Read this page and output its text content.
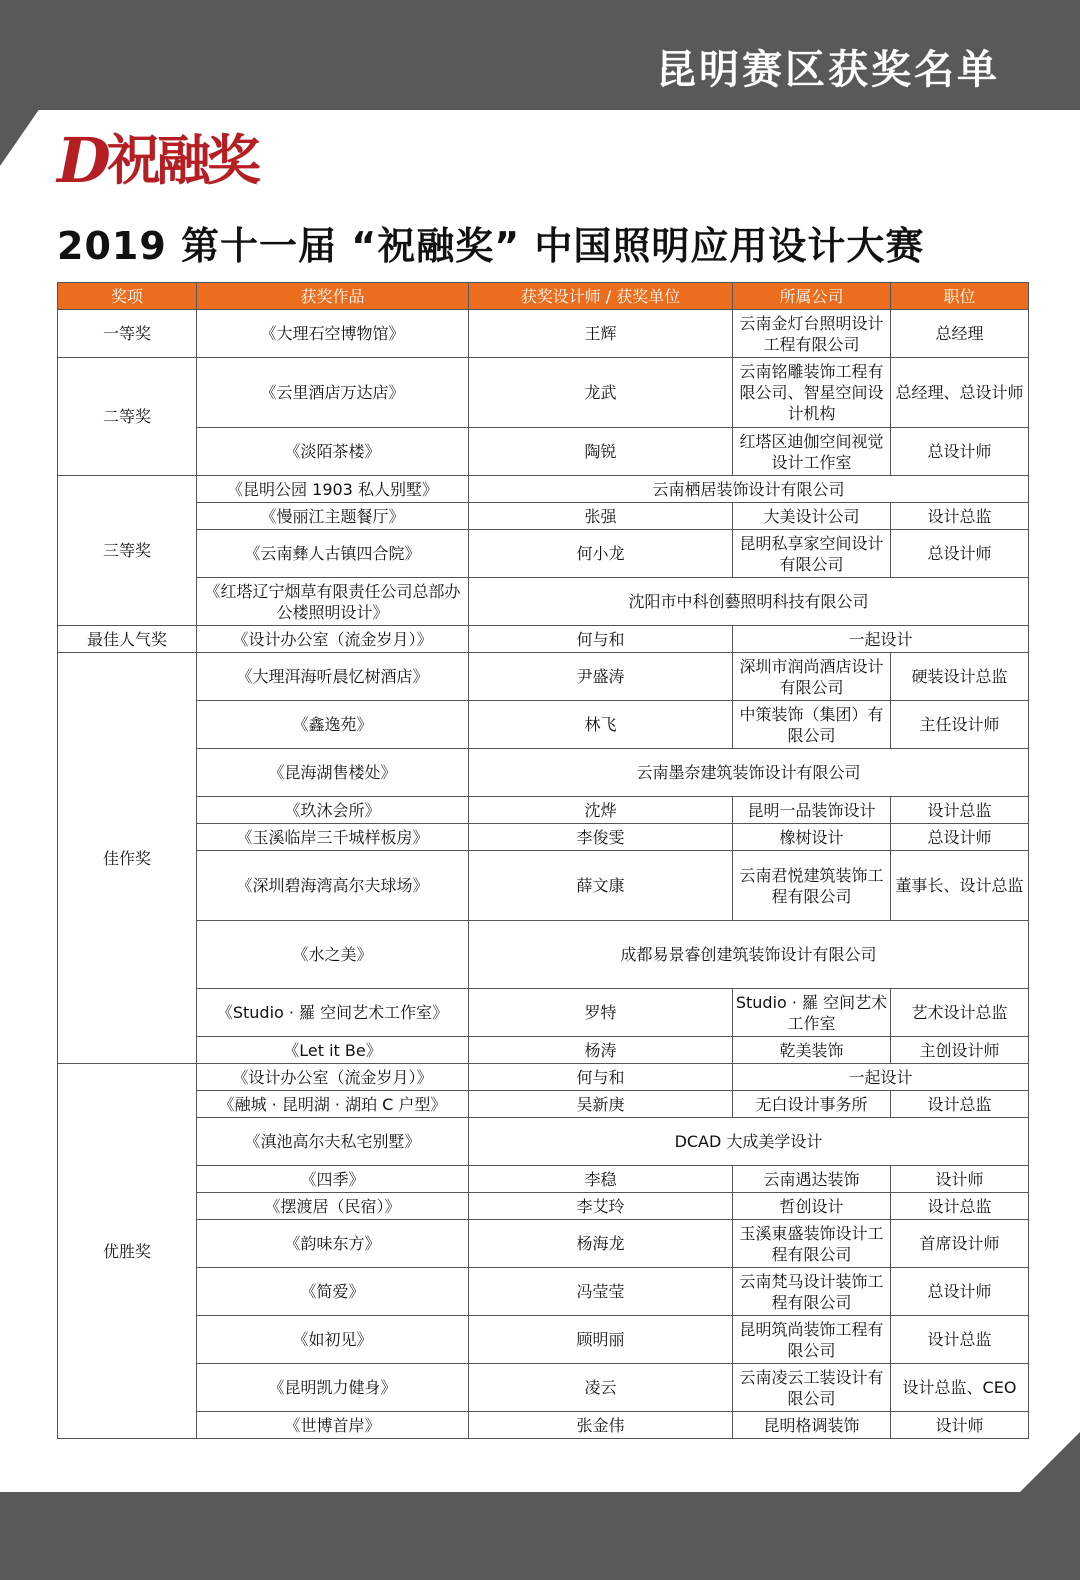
昆明赛区获奖名单
D
祝融奖
2019 第十一届 “祝融奖” 中国照明应用设计大赛
奖项	获奖作品	获奖设计师 / 获奖单位	所属公司	职位
一等奖	《大理石空博物馆》	王辉	云南金灯台照明设计工程有限公司	总经理
二等奖	《云里酒店万达店》	龙武	云南铭雕装饰工程有限公司、智星空间设计机构	总经理、总设计师
	《淡陌茶楼》	陶锐	红塔区迪伽空间视觉设计工作室	总设计师
三等奖	《昆明公园 1903 私人别墅》	云南栖居装饰设计有限公司		
	《慢丽江主题餐厅》	张强	大美设计公司	设计总监
	《云南彝人古镇四合院》	何小龙	昆明私享家空间设计有限公司	总设计师
	《红塔辽宁烟草有限责任公司总部办公楼照明设计》	沈阳市中科创藝照明科技有限公司		
最佳人气奖	《设计办公室（流金岁月）》	何与和	一起设计	
佳作奖	《大理洱海听晨忆树酒店》	尹盛涛	深圳市润尚酒店设计有限公司	硬装设计总监
	《鑫逸苑》	林飞	中策装饰（集团）有限公司	主任设计师
	《昆海湖售楼处》	云南墨奈建筑装饰设计有限公司		
	《玖沐会所》	沈烨	昆明一品装饰设计	设计总监
	《玉溪临岸三千城样板房》	李俊雯	橡树设计	总设计师
	《深圳碧海湾高尔夫球场》	薛文康	云南君悦建筑装饰工程有限公司	董事长、设计总监
	《水之美》	成都易景睿创建筑装饰设计有限公司		
	《Studio · 羅 空间艺术工作室》	罗特	Studio · 羅 空间艺术工作室	艺术设计总监
	《Let it Be》	杨涛	乾美装饰	主创设计师
优胜奖	《设计办公室（流金岁月）》	何与和	一起设计	
	《融城 · 昆明湖 · 湖珀 C 户型》	吴新庚	无白设计事务所	设计总监
	《滇池高尔夫私宅别墅》	DCAD 大成美学设计		
	《四季》	李稳	云南遇达装饰	设计师
	《摆渡居（民宿）》	李艾玲	哲创设计	设计总监
	《韵味东方》	杨海龙	玉溪東盛装饰设计工程有限公司	首席设计师
	《简爱》	冯莹莹	云南梵马设计装饰工程有限公司	总设计师
	《如初见》	顾明丽	昆明筑尚装饰工程有限公司	设计总监
	《昆明凯力健身》	凌云	云南凌云工装设计有限公司	设计总监、CEO
	《世博首岸》	张金伟	昆明格调装饰	设计师
